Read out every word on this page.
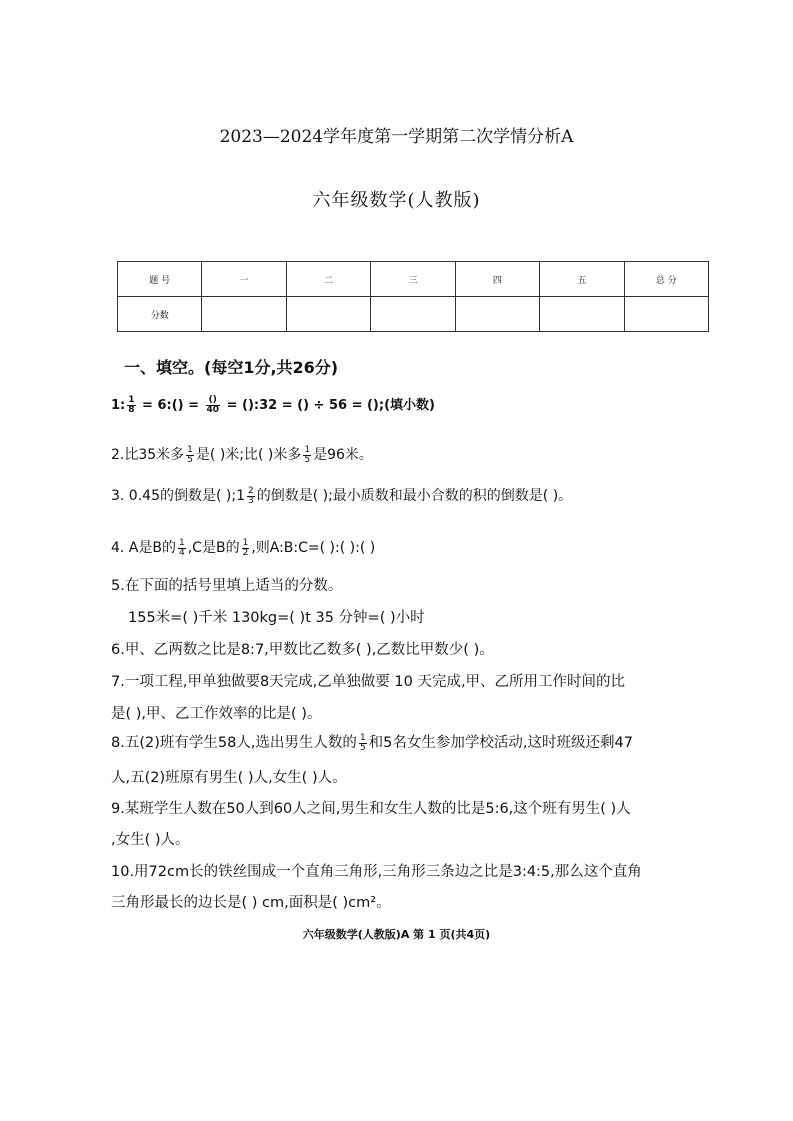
2023—2024学年度第一学期第二次学情分析A
六年级数学(人教版)
题 号	一	二	三	四	五	总 分
分数						
一、填空。(每空1分,共26分)
1: $\frac{1}{8}$ = 6:() = $\frac{()}{40}$ = ():32 = () ÷ 56 = ();(填小数)
2.比35米多 $\frac{1}{5}$ 是( )米;比( )米多 $\frac{1}{5}$ 是96米。
3. 0.45的倒数是( );1 $\frac{2}{3}$ 的倒数是( );最小质数和最小合数的积的倒数是( )。
4. A是B的 $\frac{1}{4} ,C$是B的 $\frac{1}{2}$ ,则A:B:C=( ):( ):( )
5.在下面的括号里填上适当的分数。
155米=( )千米 130kg=( )t 35 分钟=( )小时
6.甲、乙两数之比是8:7,甲数比乙数多( ),乙数比甲数少( )。
7.一项工程,甲单独做要8天完成,乙单独做要 10 天完成,甲、乙所用工作时间的比
是( ),甲、乙工作效率的比是( )。
8.五(2)班有学生58人,选出男生人数的 $\frac{1}{5}$ 和5名女生参加学校活动,这时班级还剩47
人,五(2)班原有男生( )人,女生( )人。
9.某班学生人数在50人到60人之间,男生和女生人数的比是5:6,这个班有男生( )人
,女生( )人。
10.用72cm长的铁丝围成一个直角三角形,三角形三条边之比是3:4:5,那么这个直角
三角形最长的边长是( ) cm,面积是( )cm²。
六年级数学(人教版)A 第 1 页(共4页)
